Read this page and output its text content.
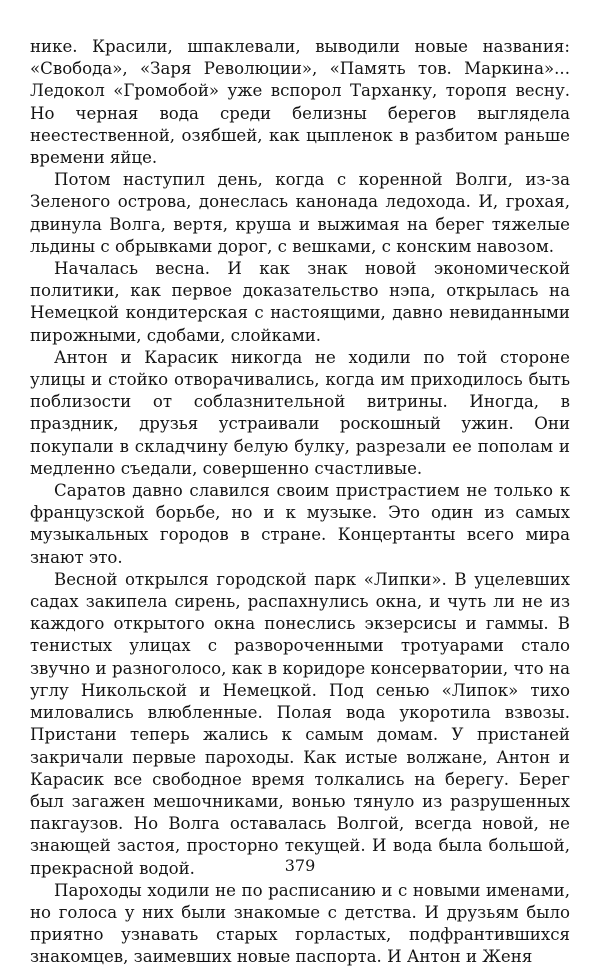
нике. Красили, шпаклевали, выводили новые названия: «Свобода», «Заря Революции», «Память тов. Маркина»... Ледокол «Громобой» уже вспорол Тарханку, торопя весну. Но черная вода среди белизны берегов выглядела неестественной, озябшей, как цыпленок в разбитом раньше времени яйце.

Потом наступил день, когда с коренной Волги, из-за Зеленого острова, донеслась канонада ледохода. И, грохая, двинула Волга, вертя, круша и выжимая на берег тяжелые льдины с обрывками дорог, с вешками, с конским навозом.

Началась весна. И как знак новой экономической политики, как первое доказательство нэпа, открылась на Немецкой кондитерская с настоящими, давно невиданными пирожными, сдобами, слойками.

Антон и Карасик никогда не ходили по той стороне улицы и стойко отворачивались, когда им приходилось быть поблизости от соблазнительной витрины. Иногда, в праздник, друзья устраивали роскошный ужин. Они покупали в складчину белую булку, разрезали ее пополам и медленно съедали, совершенно счастливые.

Саратов давно славился своим пристрастием не только к французской борьбе, но и к музыке. Это один из самых музыкальных городов в стране. Концертанты всего мира знают это.

Весной открылся городской парк «Липки». В уцелевших садах закипела сирень, распахнулись окна, и чуть ли не из каждого открытого окна понеслись экзерсисы и гаммы. В тенистых улицах с развороченными тротуарами стало звучно и разноголосо, как в коридоре консерватории, что на углу Никольской и Немецкой. Под сенью «Липок» тихо миловались влюбленные. Полая вода укоротила взвозы. Пристани теперь жались к самым домам. У пристаней закричали первые пароходы. Как истые волжане, Антон и Карасик все свободное время толкались на берегу. Берег был загажен мешочниками, вонью тянуло из разрушенных пакгаузов. Но Волга оставалась Волгой, всегда новой, не знающей застоя, просторно текущей. И вода была большой, прекрасной водой.

Пароходы ходили не по расписанию и с новыми именами, но голоса у них были знакомые с детства. И друзьям было приятно узнавать старых горластых, подфрантившихся знакомцев, заимевших новые паспорта. И Антон и Женя

379
